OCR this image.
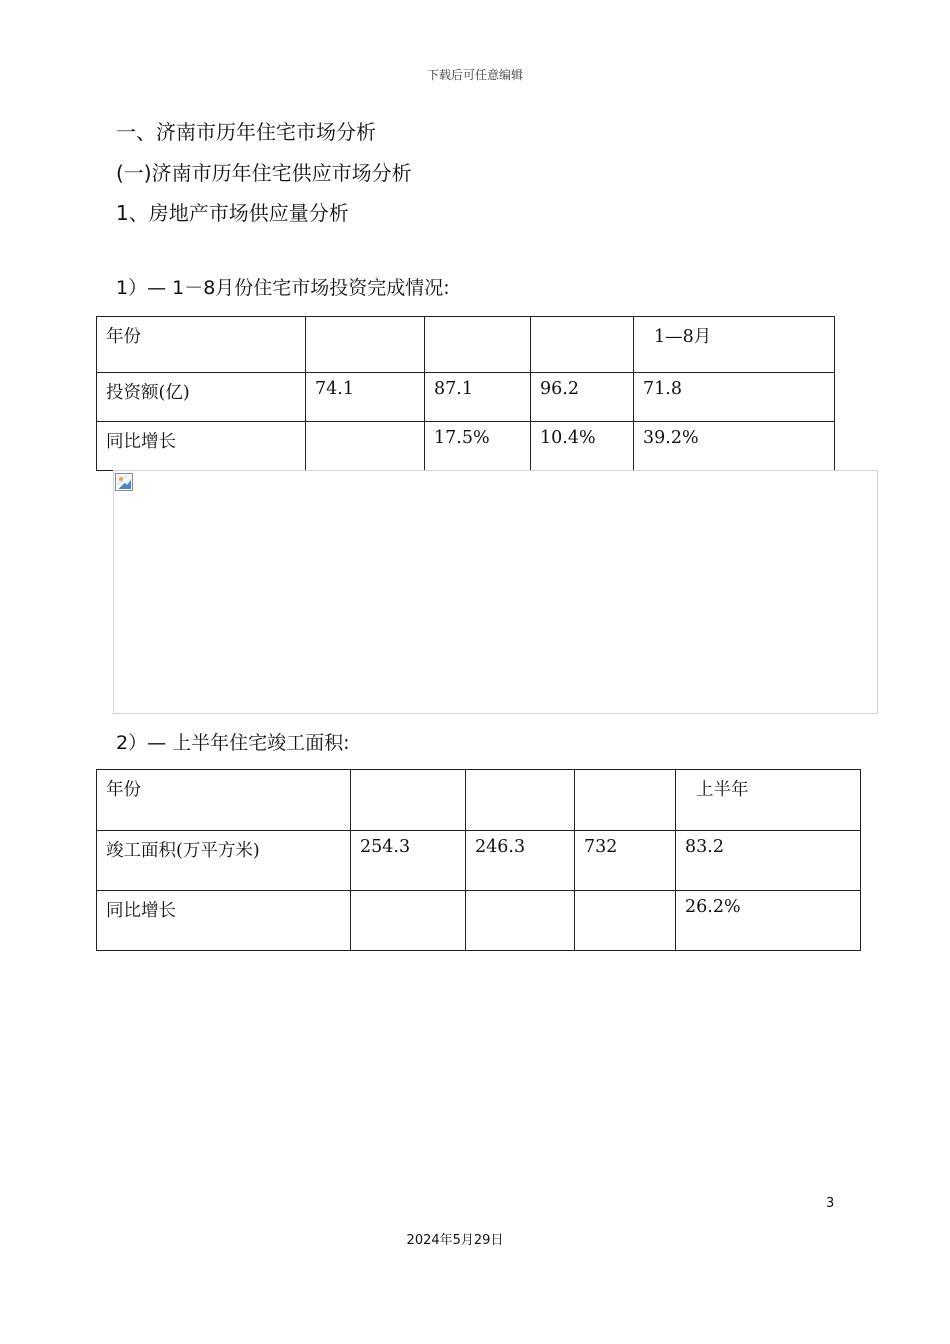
下载后可任意编辑
一、济南市历年住宅市场分析
(一)济南市历年住宅供应市场分析
1、房地产市场供应量分析
1）— 1－8月份住宅市场投资完成情况:
年份				1—8月
投资额(亿)	74.1	87.1	96.2	71.8
同比增长		17.5%	10.4%	39.2%
2）— 上半年住宅竣工面积:
年份				上半年
竣工面积(万平方米)	254.3	246.3	732	83.2
同比增长				26.2%
3
2024年5月29日
